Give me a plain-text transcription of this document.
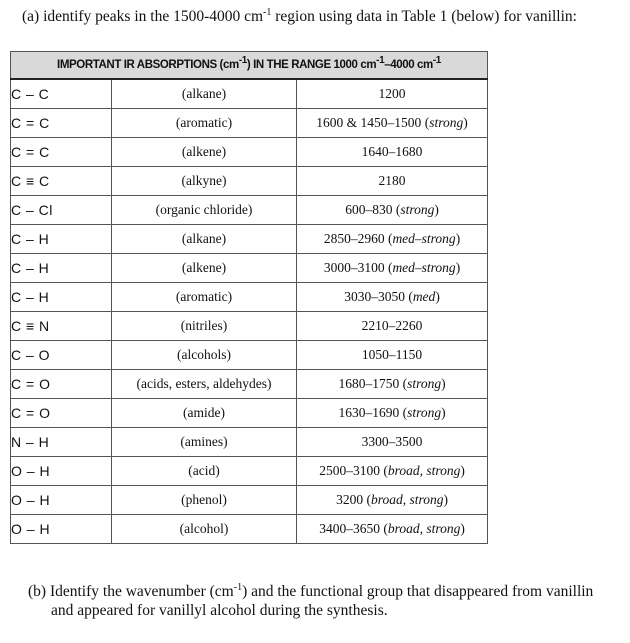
(a) identify peaks in the 1500-4000 $cm^{-1}$ region using data in Table 1 (below) for vanillin:
IMPORTANT IR ABSORPTIONS $(cm^{-1})$ IN THE RANGE 1000 $cm^{-1}-4000$ $cm^{-1}$
C – C	(alkane)	1200
C = C	(aromatic)	1600 & 1450–1500 (strong)
C = C	(alkene)	1640–1680
C ≡ C	(alkyne)	2180
C – Cl	(organic chloride)	600–830 (strong)
C – H	(alkane)	2850–2960 (med–strong)
C – H	(alkene)	3000–3100 (med–strong)
C – H	(aromatic)	3030–3050 (med)
C ≡ N	(nitriles)	2210–2260
C – O	(alcohols)	1050–1150
C = O	(acids, esters, aldehydes)	1680–1750 (strong)
C = O	(amide)	1630–1690 (strong)
N – H	(amines)	3300–3500
O – H	(acid)	2500–3100 (broad, strong)
O – H	(phenol)	3200 (broad, strong)
O – H	(alcohol)	3400–3650 (broad, strong)
(b) Identify the wavenumber $(cm^{-1})$ and the functional group that disappeared from vanillin
and appeared for vanillyl alcohol during the synthesis.
